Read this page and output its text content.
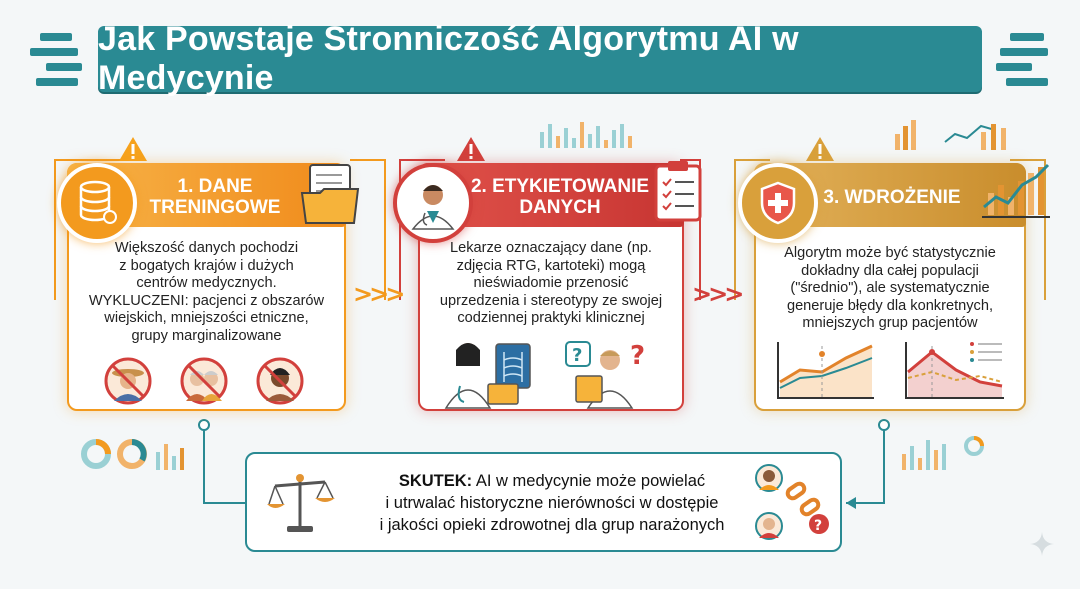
Jak Powstaje Stronniczość Algorytmu AI w Medycynie
1. DANE
TRENINGOWE
Większość danych pochodzi
z bogatych krajów i dużych
centrów medycznych.
WYKLUCZENI: pacjenci z obszarów
wiejskich, mniejszości etniczne,
grupy marginalizowane
>>>
2. ETYKIETOWANIE
DANYCH
Lekarze oznaczający dane (np.
zdjęcia RTG, kartoteki) mogą
nieświadomie przenosić
uprzedzenia i stereotypy ze swojej
codziennej praktyki klinicznej
? ?
>>>
3. WDROŻENIE
Algorytm może być statystycznie
dokładny dla całej populacji
("średnio"), ale systematycznie
generuje błędy dla konkretnych,
mniejszych grup pacjentów
SKUTEK: AI w medycynie może powielać
i utrwalać historyczne nierówności w dostępie
i jakości opieki zdrowotnej dla grup narażonych	?
